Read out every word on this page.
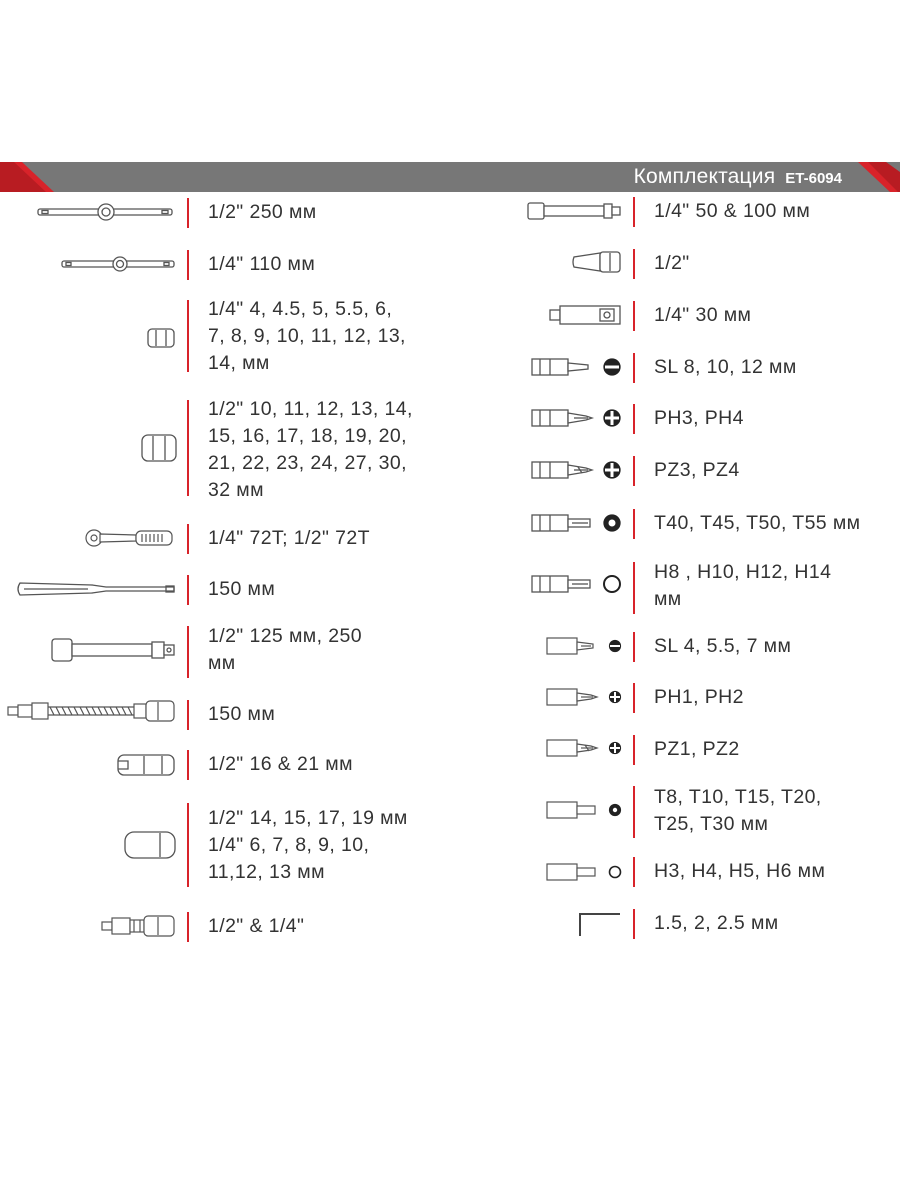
Комплектация ET-6094
1/2" 250 мм
1/4" 110 мм
1/4" 4, 4.5, 5, 5.5, 6,
7, 8, 9, 10, 11, 12, 13,
14, мм
1/2" 10, 11, 12, 13, 14,
15, 16, 17, 18, 19, 20,
21, 22, 23, 24, 27, 30,
32 мм
1/4" 72T; 1/2" 72T
150 мм
1/2" 125 мм, 250
мм
150 мм
1/2" 16 & 21 мм
1/2" 14, 15, 17, 19 мм
1/4" 6, 7, 8, 9, 10,
11,12, 13 мм
1/2" & 1/4"
1/4" 50 & 100 мм
1/2"
1/4" 30 мм
SL 8, 10, 12 мм
PH3, PH4
PZ3, PZ4
T40, T45, T50, T55 мм
H8 , H10, H12, H14
мм
SL 4, 5.5, 7 мм
PH1, PH2
PZ1, PZ2
T8, T10, T15, T20,
T25, T30 мм
H3, H4, H5, H6 мм
1.5, 2, 2.5 мм
